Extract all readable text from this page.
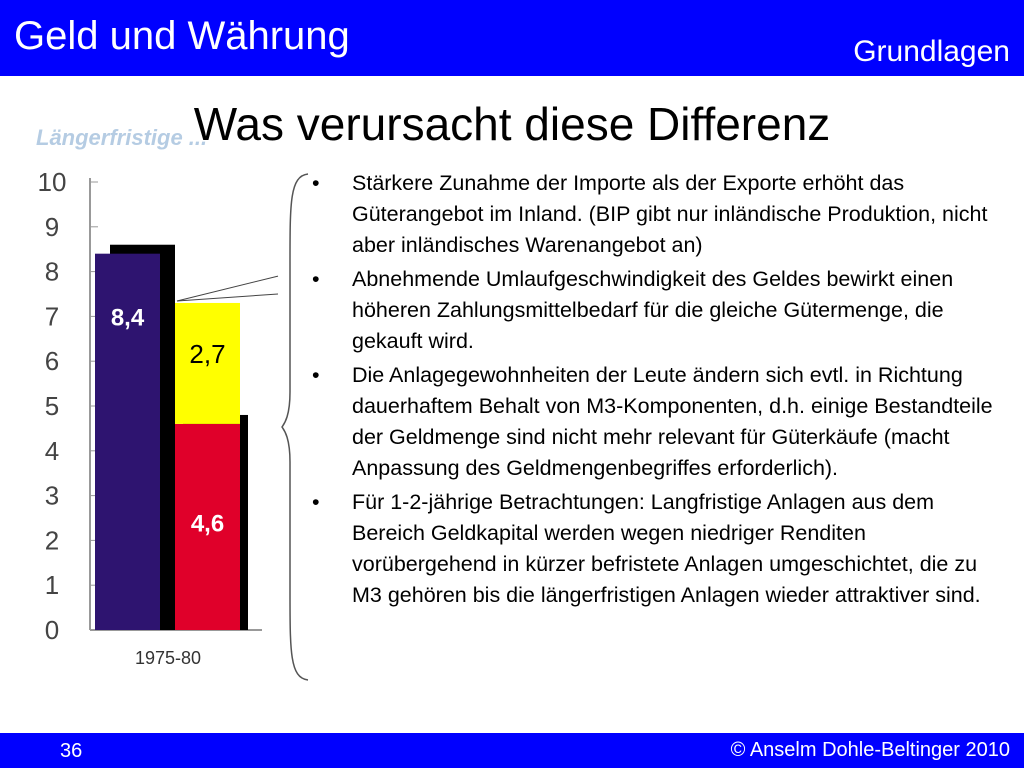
Geld und Währung	Grundlagen
Längerfristige ...
0
1
2
3
4
5
6
7
8
9
10
8,4
4,6
2,7
1975-80
Was verursacht diese Differenz
• Stärkere Zunahme der Importe als der Exporte erhöht das Güterangebot im Inland. (BIP gibt nur inländische Produktion, nicht aber inländisches Warenangebot an)
• Abnehmende Umlaufgeschwindigkeit des Geldes bewirkt einen höheren Zahlungsmittelbedarf für die gleiche Gütermenge, die gekauft wird.
• Die Anlagegewohnheiten der Leute ändern sich evtl. in Richtung dauerhaftem Behalt von M3-Komponenten, d.h. einige Bestandteile der Geldmenge sind nicht mehr relevant für Güterkäufe (macht Anpassung des Geldmengenbegriffes erforderlich).
• Für 1-2-jährige Betrachtungen: Langfristige Anlagen aus dem Bereich Geldkapital werden wegen niedriger Renditen vorübergehend in kürzer befristete Anlagen umgeschichtet, die zu M3 gehören bis die längerfristigen Anlagen wieder attraktiver sind.
36	© Anselm Dohle-Beltinger 2010
